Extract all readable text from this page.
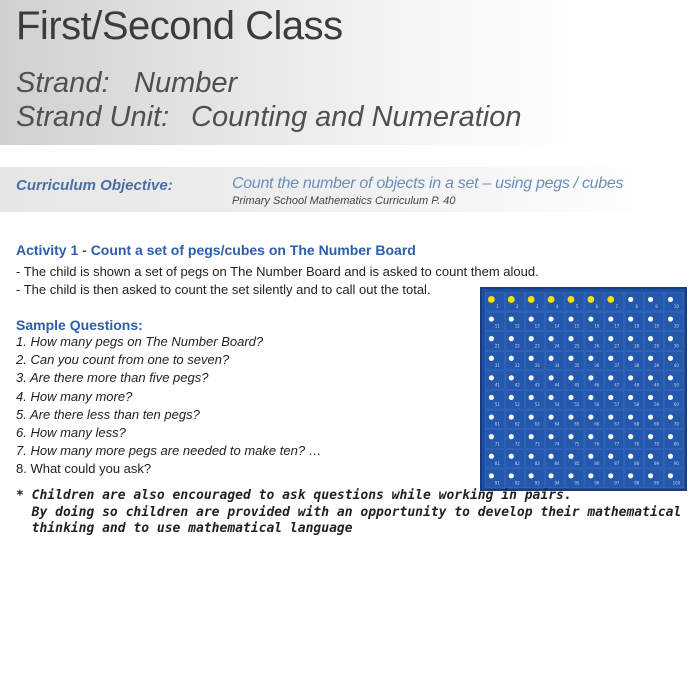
First/Second Class
Strand: Number
Strand Unit: Counting and Numeration
Curriculum Objective:	Count the number of objects in a set – using pegs / cubes
Primary School Mathematics Curriculum P. 40
Activity 1 - Count a set of pegs/cubes on The Number Board
- The child is shown a set of pegs on The Number Board and is asked to count them aloud.
- The child is then asked to count the set silently and to call out the total.
Sample Questions:
1. How many pegs on The Number Board?
2. Can you count from one to seven?
3. Are there more than five pegs?
4. How many more?
5. Are there less than ten pegs?
6. How many less?
7. How many more pegs are needed to make ten? …
8. What could you ask?
1	2	3	4	5	6	7	8	9	10
11	12	13	14	15	16	17	18	19	20
21	22	23	24	25	26	27	28	29	30
31	32	33	34	35	36	37	38	39	40
41	42	43	44	45	46	47	48	49	50
51	52	53	54	55	56	57	58	59	60
61	62	63	64	65	66	67	68	69	70
71	72	73	74	75	76	77	78	79	80
81	82	83	84	85	86	87	88	89	90
91	92	93	94	95	96	97	98	99	100
* Children are also encouraged to ask questions while working in pairs.
By doing so children are provided with an opportunity to develop their mathematical
thinking and to use mathematical language
